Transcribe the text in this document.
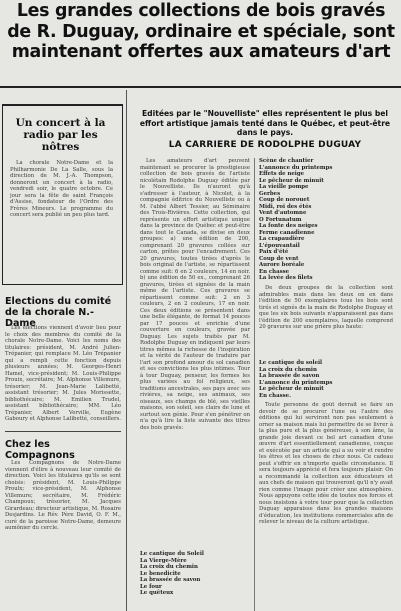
Les grandes collections de bois gravés de R. Duguay, ordinaire et spéciale, sont maintenant offertes aux amateurs d'art
Un concert à la radio par les nôtres

La chorale Notre-Dame et la Philharmonie De La Salle, sous la direction de M. J.-A. Thompson, donneront un concert à la radio, vendredi soir, le quatre octobre. Ce jour sera la fête de saint François d'Assise, fondateur de l'Ordre des Frères Mineurs. Le programme du concert sera publié un peu plus tard.

Elections du comité de la chorale N.-Dame

Les élections viennent d'avoir lieu pour le choix des membres du comité de la chorale Notre-Dame. Voici les noms des titulaires: président, M. André Julien-Trépanier, qui remplace M. Léo Trépanier qui a rempli cette fonction depuis plusieurs années; M. Georges-Henri Hamel, vice-président; M. Louis-Philippe Prouix, secrétaire; M. Alphonse Villemure, trésorier; M. Jean-Marie Lalibetté, assistant trésorier; M. Jules Morissette, bibliothécaire; M. Emilien Trudel, assistant bibliothécaire; MM. Léo Trépanier, Albert Verville, Eugène Gaboury et Alphonse Lalibetté, conseillers.

Chez les Compagnons

Les Compagnons de Notre-Dame viennent d'élire à nouveau leur comité de direction. Voici les titulaires qu'ils se sont choisis: président, M. Louis-Philippe Proulx; vice-président, M. Alphonse Villemure; secrétaire, M. Frédéric Champoux; trésorier, M. Jacques Girardeau; directeur artistique, M. Rosaire Desjardins. Le Rév. Père David, O. F. M., curé de la paroisse Notre-Dame, demeure aumônier du cercle.

Editées par le "Nouvelliste" elles représentent le plus bel effort artistique jamais tenté dans le Québec, et peut-être dans le pays.

LA CARRIERE DE RODOLPHE DUGUAY

Les amateurs d'art peuvent maintenant se procurer la prestigieuse collection de bois gravés de l'artiste nicolétain Rodolphe Duguay éditée par le Nouvelliste. Ils n'auront qu'à s'adresser à l'auteur, à Nicolet, à la compagnie éditrice du Nouvelliste ou à M. l'abbé Albert Tessier, au Séminaire des Trois-Rivières. Cette collection, qui représente un effort artistique unique dans la province de Québec et peut-être dans tout le Canada, se divise en deux groupes: a) une édition de 200, comprenant 20 gravures collées sur carton, prêtes pour l'encadrement. Ces 20 gravures, toutes tirées d'après le bois original de l'artiste, se répartissent comme suit: 6 en 2 couleurs, 14 en noir. b) une édition de 50 ex., comprenant 26 gravures, tirées et signées de la main même de l'artiste. Ces gravures se répartissent comme suit: 2 en 3 couleurs, 2 en 2 couleurs, 17 en noir. Ces deux éditions se présentent dans une belle élégante, de format 14 pouces par 17 pouces et enrichie d'une couverture en couleurs, gravée par Duguay. Les sujets traités par M. Rodolphe Duguay en indiquent par leurs titres mêmes la richesse de l'inspiration et la vérité de l'auteur de traduire par l'art son profond amour du sol canadien et ses convictions les plus intimes. Tour à tour Duguay, penseur, les formes les plus variées au fol religieux, ses traditions ancestrales, ses pays avec ses rivières, sa neige, ses animaux, ses oiseaux, ses champs de blé, ses vieilles maisons, son soleil, ses clairs de lune et surtout son génie. Pour s'en pénétrer on n'a qu'à lire la liste suivante des titres des bois gravés:

Le cantique du Soleil
La Vierge-Mère
La croix du chemin
Le benedicite
La brassée de savon
Le four
Le quêteux
Scène de chantier
L'annonce du printemps
Effets de neige
Le pêcheur de minuit
La vieille pompe
Gerbes
Coup de norouet
Midi, roi des étés
Vent d'automne
O Fortunatum
La fonte des neiges
Ferme canadienne
La crapaudière
L'épouvantail
Paix d'été
Coup de vent
Aurore boréale
En chasse
La levée des filets

De deux groupes de la collection sont admirables mais dans les deux on en dans l'édition de 50 exemplaires tous les bois sont tirés et signés de la main de Rodolphe Duguay et que les six bois suivants n'apparaissent pas dans l'édition de 200 exemplaires, laquelle comprend 20 gravures sur une prière plus haute:

Le cantique du soleil
La croix du chemin
La brassée de savon
L'annonce du printemps
Le pêcheur de minuit
En chasse.

Toute personne de goût devrait se faire un devoir de se procurer l'une ou l'autre des éditions qui lui serviront non pas seulement à orner sa maison mais lui permettre de se livrer à la plus pure et la plus généreuse, à son âme, la grande joie devant ce bel art canadien d'une œuvre d'art essentiellement canadienne, conçue et exécutée par un artiste qui a su voir et rendre les êtres et les choses de chez nous. Ce cadeau peut s'offrir en n'importe quelle circonstance. Il sera toujours apprécié et fera toujours plaisir. On a recommandé la collection aux éducateurs et aux chefs de maison qui trouveront qu'il n'y avait rien comme l'image pour créer une atmosphère. Nous appuyons cette idée de toutes nos forces et nous insistons à votre tour pour que la collection Duguay apparaisse dans les grandes maisons d'éducation, les institutions commerciales afin de relever le niveau de la culture artistique.
